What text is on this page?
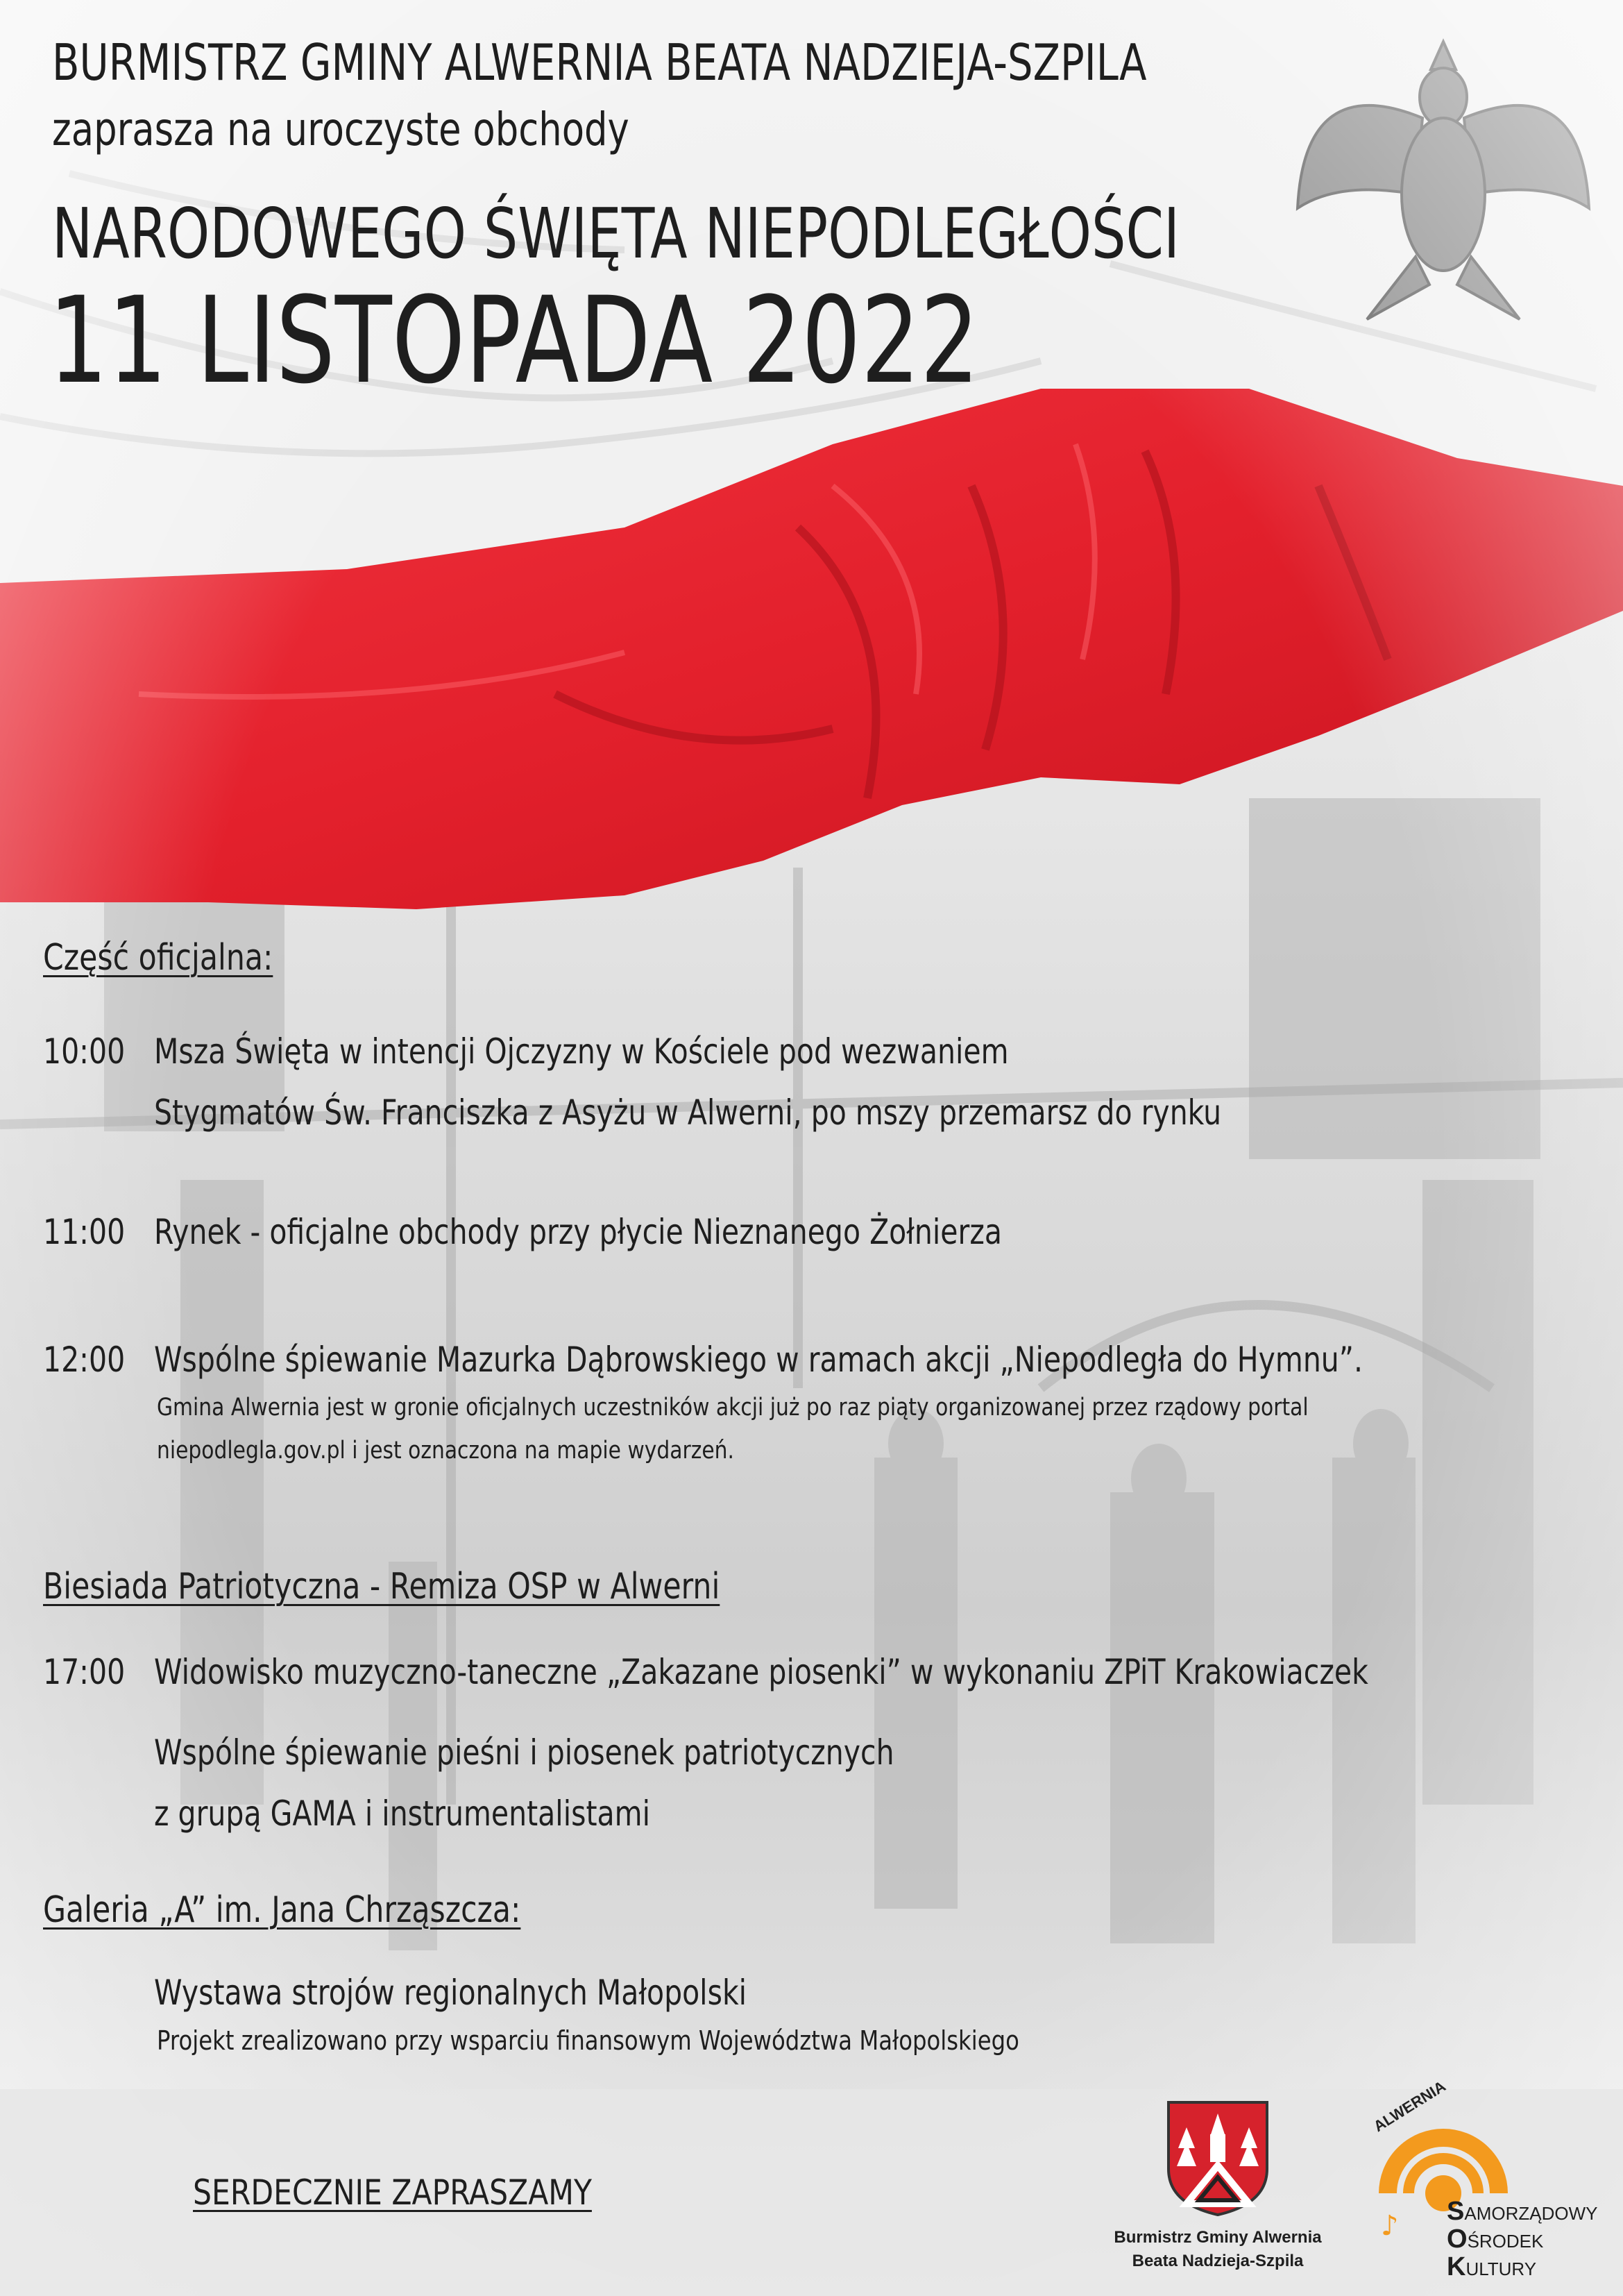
BURMISTRZ GMINY ALWERNIA BEATA NADZIEJA-SZPILA
zaprasza na uroczyste obchody
NARODOWEGO ŚWIĘTA NIEPODLEGŁOŚCI
11 LISTOPADA 2022
Część oficjalna:
10:00 Msza Święta w intencji Ojczyzny w Kościele pod wezwaniem
Stygmatów Św. Franciszka z Asyżu w Alwerni, po mszy przemarsz do rynku
11:00 Rynek - oficjalne obchody przy płycie Nieznanego Żołnierza
12:00 Wspólne śpiewanie Mazurka Dąbrowskiego w ramach akcji „Niepodległa do Hymnu”.
Gmina Alwernia jest w gronie oficjalnych uczestników akcji już po raz piąty organizowanej przez rządowy portal
niepodlegla.gov.pl i jest oznaczona na mapie wydarzeń.
Biesiada Patriotyczna - Remiza OSP w Alwerni
17:00 Widowisko muzyczno-taneczne „Zakazane piosenki” w wykonaniu ZPiT Krakowiaczek
Wspólne śpiewanie pieśni i piosenek patriotycznych
z grupą GAMA i instrumentalistami
Galeria „A” im. Jana Chrząszcza:
Wystawa strojów regionalnych Małopolski
Projekt zrealizowano przy wsparciu finansowym Województwa Małopolskiego
SERDECZNIE ZAPRASZAMY
Burmistrz Gminy Alwernia
Beata Nadzieja-Szpila
♪
ALWERNIA
SAMORZĄDOWY
OŚRODEK
KULTURY
